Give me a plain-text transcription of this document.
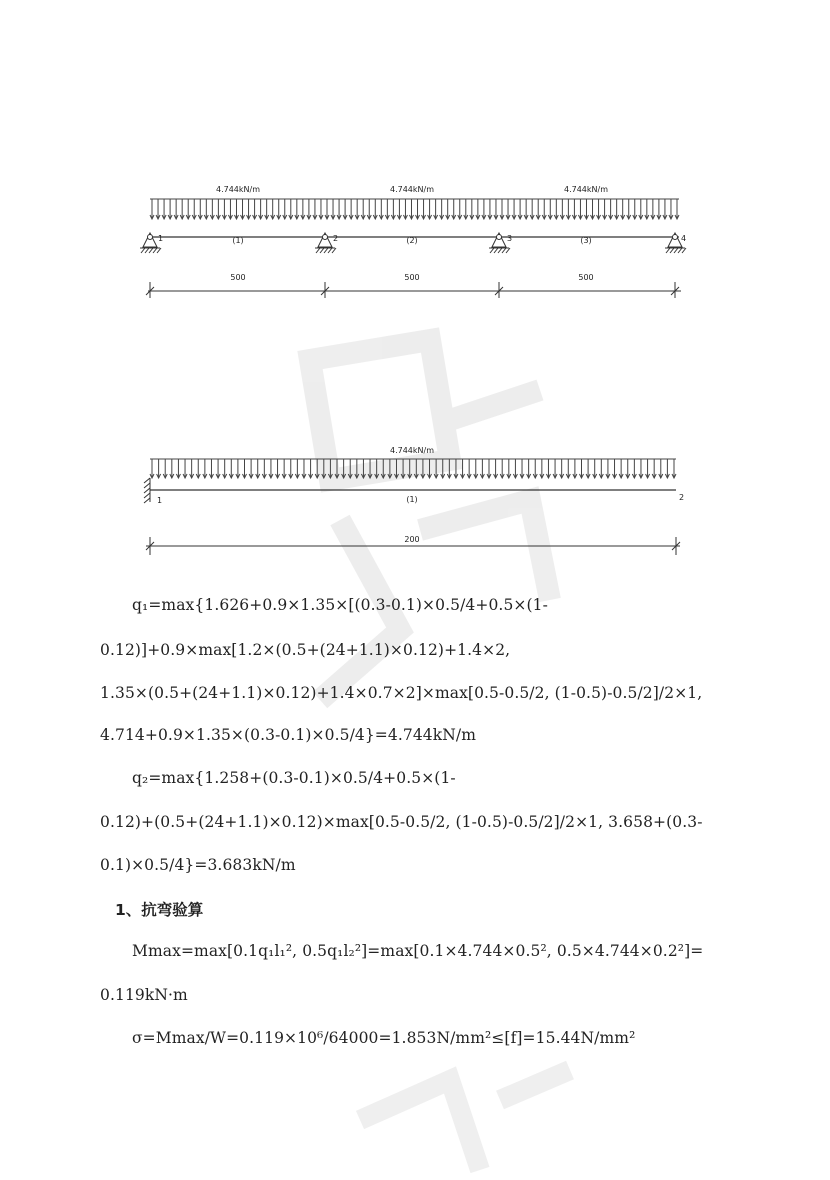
4.744kN/m	4.744kN/m	4.744kN/m
1	2	3	4
(1)	(2)	(3)
500	500	500
4.744kN/m
1	2
(1)
200
q₁=max{1.626+0.9×1.35×[(0.3-0.1)×0.5/4+0.5×(1-
0.12)]+0.9×max[1.2×(0.5+(24+1.1)×0.12)+1.4×2,
1.35×(0.5+(24+1.1)×0.12)+1.4×0.7×2]×max[0.5-0.5/2, (1-0.5)-0.5/2]/2×1,
4.714+0.9×1.35×(0.3-0.1)×0.5/4}=4.744kN/m
q₂=max{1.258+(0.3-0.1)×0.5/4+0.5×(1-
0.12)+(0.5+(24+1.1)×0.12)×max[0.5-0.5/2, (1-0.5)-0.5/2]/2×1, 3.658+(0.3-
0.1)×0.5/4}=3.683kN/m
1、抗弯验算
Mmax=max[0.1q₁l₁², 0.5q₁l₂²]=max[0.1×4.744×0.5², 0.5×4.744×0.2²]=
0.119kN·m
σ=Mmax/W=0.119×10⁶/64000=1.853N/mm²≤[f]=15.44N/mm²
